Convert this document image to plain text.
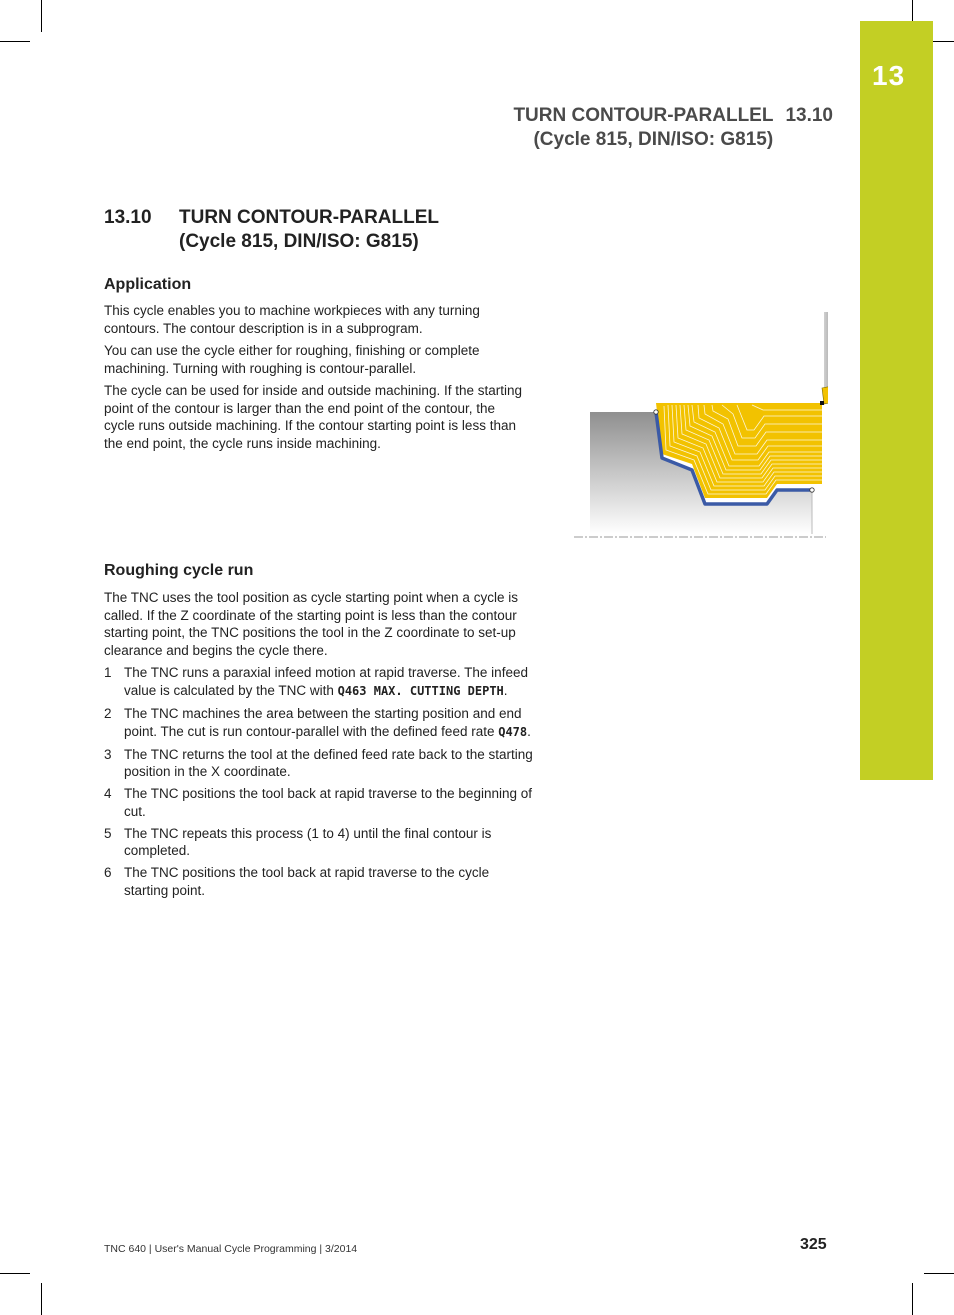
13
TURN CONTOUR-PARALLEL 13.10
(Cycle 815, DIN/ISO: G815)
13.10 TURN CONTOUR-PARALLEL
(Cycle 815, DIN/ISO: G815)
Application

This cycle enables you to machine workpieces with any turning contours. The contour description is in a subprogram.

You can use the cycle either for roughing, finishing or complete machining. Turning with roughing is contour-parallel.

The cycle can be used for inside and outside machining. If the starting point of the contour is larger than the end point of the contour, the cycle runs outside machining. If the contour starting point is less than the end point, the cycle runs inside machining.

Roughing cycle run

The TNC uses the tool position as cycle starting point when a cycle is called. If the Z coordinate of the starting point is less than the contour starting point, the TNC positions the tool in the Z coordinate to set-up clearance and begins the cycle there.

1 The TNC runs a paraxial infeed motion at rapid traverse. The infeed value is calculated by the TNC with Q463 MAX. CUTTING DEPTH.
2 The TNC machines the area between the starting position and end point. The cut is run contour-parallel with the defined feed rate Q478.
3 The TNC returns the tool at the defined feed rate back to the starting position in the X coordinate.
4 The TNC positions the tool back at rapid traverse to the beginning of cut.
5 The TNC repeats this process (1 to 4) until the final contour is completed.
6 The TNC positions the tool back at rapid traverse to the cycle starting point.
TNC 640 | User's Manual Cycle Programming | 3/2014	325
